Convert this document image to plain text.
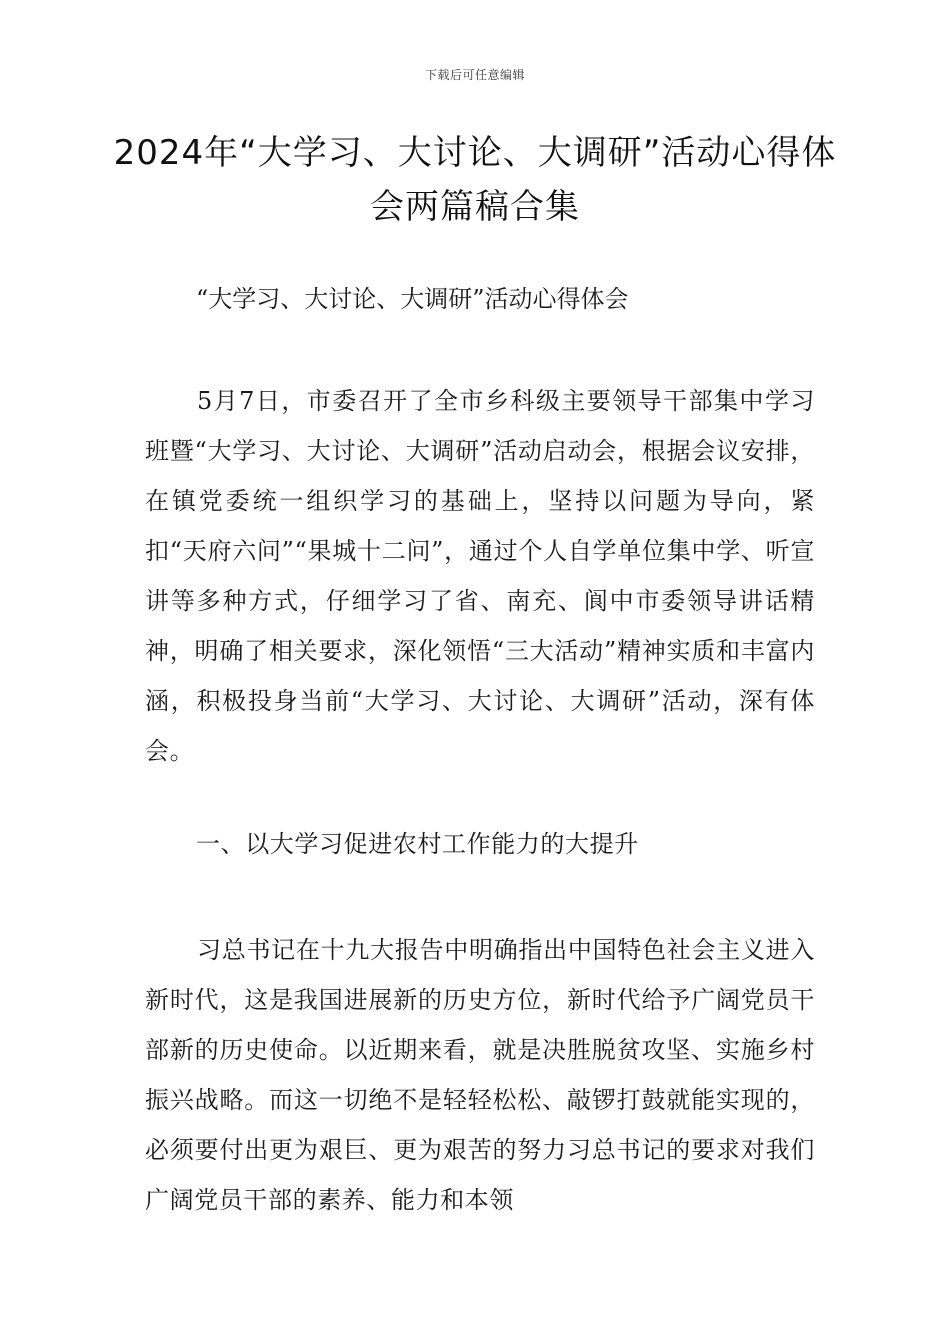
下载后可任意编辑
2024年“大学习、大讨论、大调研”活动心得体会两篇稿合集
“大学习、大讨论、大调研”活动心得体会

5月7日，市委召开了全市乡科级主要领导干部集中学习班暨“大学习、大讨论、大调研”活动启动会，根据会议安排，在镇党委统一组织学习的基础上，坚持以问题为导向，紧扣“天府六问”“果城十二问”，通过个人自学单位集中学、听宣讲等多种方式，仔细学习了省、南充、阆中市委领导讲话精神，明确了相关要求，深化领悟“三大活动”精神实质和丰富内涵，积极投身当前“大学习、大讨论、大调研”活动，深有体会。

一、以大学习促进农村工作能力的大提升

习总书记在十九大报告中明确指出中国特色社会主义进入新时代，这是我国进展新的历史方位，新时代给予广阔党员干部新的历史使命。以近期来看，就是决胜脱贫攻坚、实施乡村振兴战略。而这一切绝不是轻轻松松、敲锣打鼓就能实现的，必须要付出更为艰巨、更为艰苦的努力习总书记的要求对我们广阔党员干部的素养、能力和本领
